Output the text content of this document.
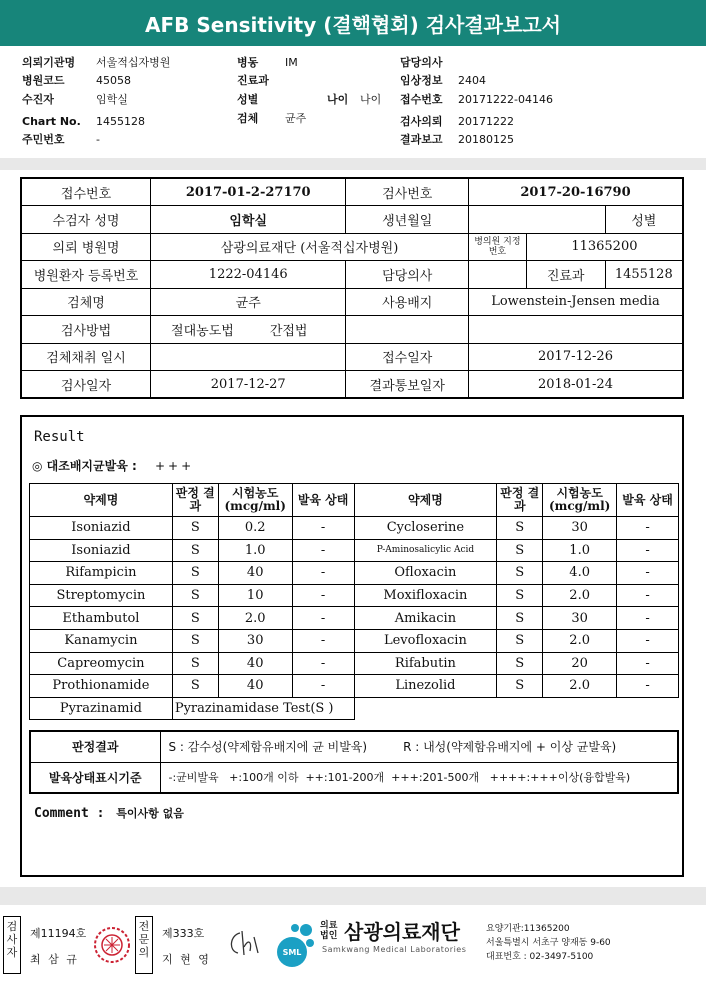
AFB Sensitivity (결핵협회) 검사결과보고서
의뢰기관명 서울적십자병원
병원코드	45058
수진자	임학실
Chart No. 1455128
주민번호	-
병동 IM
진료과
성별	나이 나이
검체 균주
담당의사
임상정보 2404
접수번호 20171222-04146
검사의뢰 20171222
결과보고 20180125
접수번호	2017-01-2-27170	검사번호	2017-20-16790		
수검자 성명	임학실	생년월일			성별
의뢰 병원명	삼광의료재단 (서울적십자병원)		병의원 지정번호	11365200	
병원환자 등록번호	1222-04146	담당의사		진료과	1455128
검체명	균주	사용배지	Lowenstein-Jensen media		
검사방법	절대농도법 간접법				
검체채취 일시		접수일자	2017-12-26		
검사일자	2017-12-27	결과통보일자	2018-01-24		
Result
◎ 대조배지균발육 : +++
약제명	판정 결과	시험농도 (mcg/ml)	발육 상태	약제명	판정 결과	시험농도 (mcg/ml)	발육 상태
Isoniazid	S	0.2	-	Cycloserine	S	30	-
Isoniazid	S	1.0	-	P-Aminosalicylic Acid	S	1.0	-
Rifampicin	S	40	-	Ofloxacin	S	4.0	-
Streptomycin	S	10	-	Moxifloxacin	S	2.0	-
Ethambutol	S	2.0	-	Amikacin	S	30	-
Kanamycin	S	30	-	Levofloxacin	S	2.0	-
Capreomycin	S	40	-	Rifabutin	S	20	-
Prothionamide	S	40	-	Linezolid	S	2.0	-
Pyrazinamid	Pyrazinamidase Test(S )						
판정결과	S : 감수성(약제함유배지에 균 비발육) R : 내성(약제함유배지에 + 이상 균발육)
발육상태표시기준	-:균비발육   +:100개 이하  ++:101-200개  +++:201-500개   ++++:+++이상(융합발육)
Comment : 특이사항 없음
검사자
제11194호
최 삼 규
전문의
제333호
지 현 영
SML
의료 법인 삼광의료재단
Samkwang Medical Laboratories
요양기관:11365200
서울특별시 서초구 양재동 9-60
대표번호 : 02-3497-5100
